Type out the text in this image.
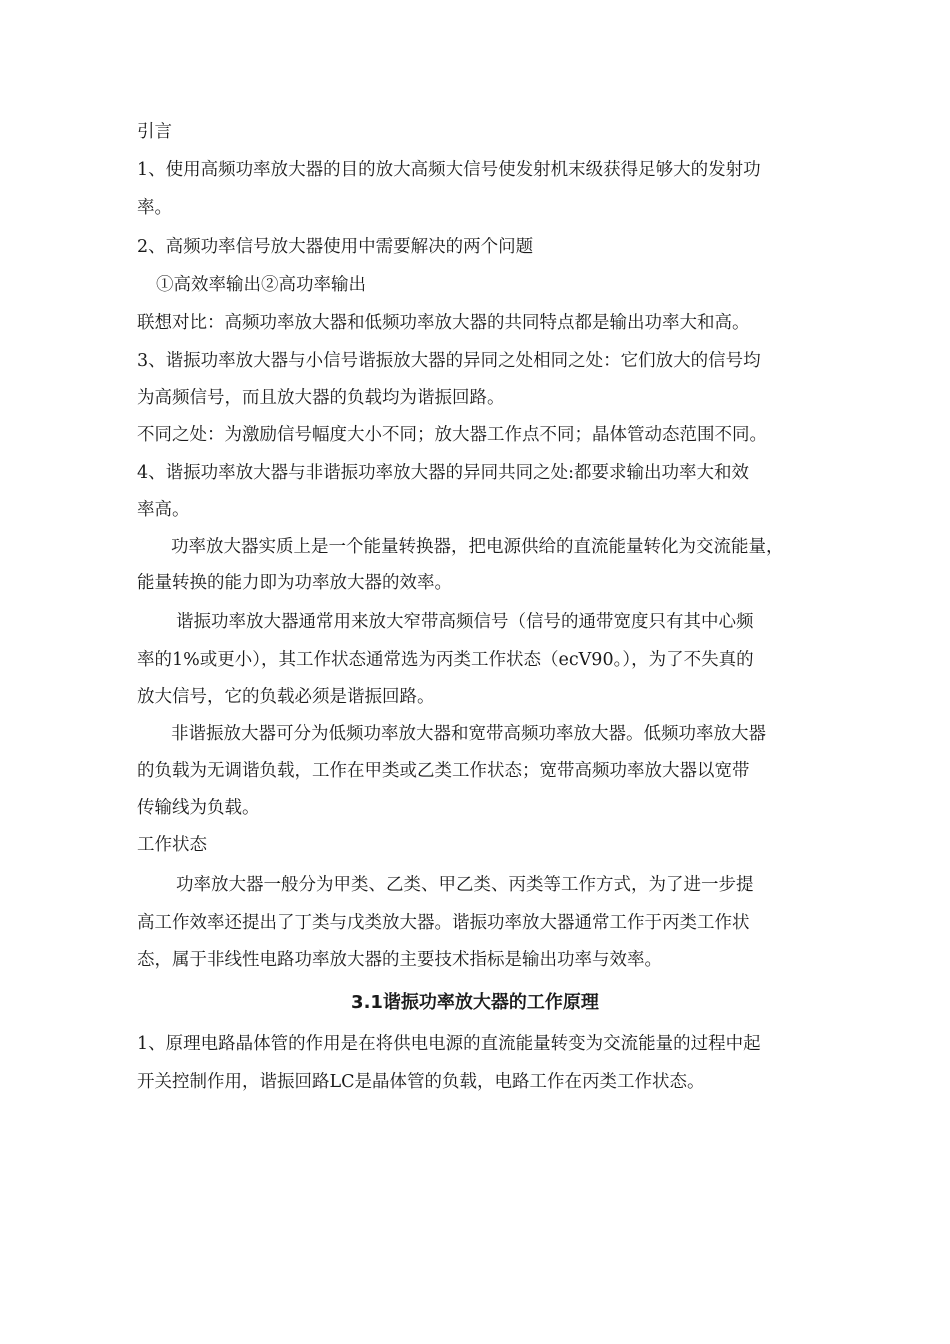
引言
1、使用高频功率放大器的目的放大高频大信号使发射机末级获得足够大的发射功
率。
2、高频功率信号放大器使用中需要解决的两个问题
①高效率输出②高功率输出
联想对比：高频功率放大器和低频功率放大器的共同特点都是输出功率大和高。
3、谐振功率放大器与小信号谐振放大器的异同之处相同之处：它们放大的信号均
为高频信号，而且放大器的负载均为谐振回路。
不同之处：为激励信号幅度大小不同；放大器工作点不同；晶体管动态范围不同。
4、谐振功率放大器与非谐振功率放大器的异同共同之处:都要求输出功率大和效
率高。
功率放大器实质上是一个能量转换器，把电源供给的直流能量转化为交流能量，
能量转换的能力即为功率放大器的效率。
谐振功率放大器通常用来放大窄带高频信号（信号的通带宽度只有其中心频
率的1%或更小），其工作状态通常选为丙类工作状态（ecV90。），为了不失真的
放大信号，它的负载必须是谐振回路。
非谐振放大器可分为低频功率放大器和宽带高频功率放大器。低频功率放大器
的负载为无调谐负载，工作在甲类或乙类工作状态；宽带高频功率放大器以宽带
传输线为负载。
工作状态
功率放大器一般分为甲类、乙类、甲乙类、丙类等工作方式，为了进一步提
高工作效率还提出了丁类与戊类放大器。谐振功率放大器通常工作于丙类工作状
态，属于非线性电路功率放大器的主要技术指标是输出功率与效率。
3.1谐振功率放大器的工作原理
1、原理电路晶体管的作用是在将供电电源的直流能量转变为交流能量的过程中起
开关控制作用，谐振回路LC是晶体管的负载，电路工作在丙类工作状态。
